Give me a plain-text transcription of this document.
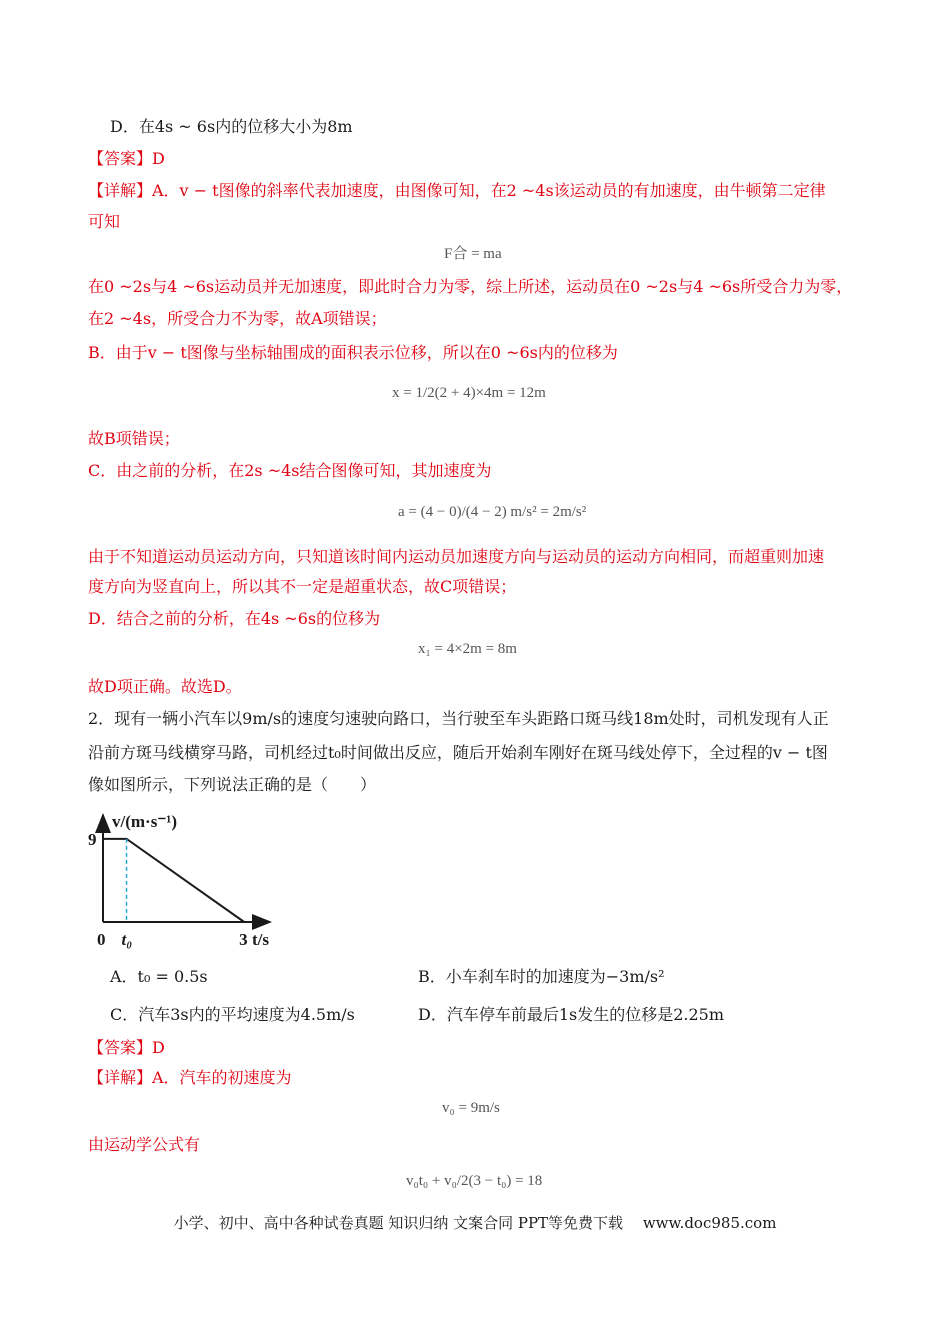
D．在4s ~ 6s内的位移大小为8m
【答案】D
【详解】A．v − t图像的斜率代表加速度，由图像可知，在2 ~4s该运动员的有加速度，由牛顿第二定律
可知
F合 = ma
在0 ~2s与4 ~6s运动员并无加速度，即此时合力为零，综上所述，运动员在0 ~2s与4 ~6s所受合力为零，
在2 ~4s，所受合力不为零，故A项错误；
B．由于v − t图像与坐标轴围成的面积表示位移，所以在0 ~6s内的位移为
x = 1/2(2 + 4)×4m = 12m
故B项错误；
C．由之前的分析，在2s ~4s结合图像可知，其加速度为
a = (4 − 0)/(4 − 2) m/s² = 2m/s²
由于不知道运动员运动方向，只知道该时间内运动员加速度方向与运动员的运动方向相同，而超重则加速
度方向为竖直向上，所以其不一定是超重状态，故C项错误；
D．结合之前的分析，在4s ~6s的位移为
x₁ = 4×2m = 8m
故D项正确。故选D。
2．现有一辆小汽车以9m/s的速度匀速驶向路口，当行驶至车头距路口斑马线18m处时，司机发现有人正
沿前方斑马线横穿马路，司机经过t₀时间做出反应，随后开始刹车刚好在斑马线处停下，全过程的v − t图
像如图所示，下列说法正确的是（　　）
0 t₀	3
9
v/(m·s⁻¹)
t/s
A．t₀ = 0.5s	B．小车刹车时的加速度为−3m/s²
C．汽车3s内的平均速度为4.5m/s	D．汽车停车前最后1s发生的位移是2.25m
【答案】D
【详解】A．汽车的初速度为
v₀ = 9m/s
由运动学公式有
v₀t₀ + v₀/2(3 − t₀) = 18
小学、初中、高中各种试卷真题 知识归纳 文案合同 PPT等免费下载　 www.doc985.com
